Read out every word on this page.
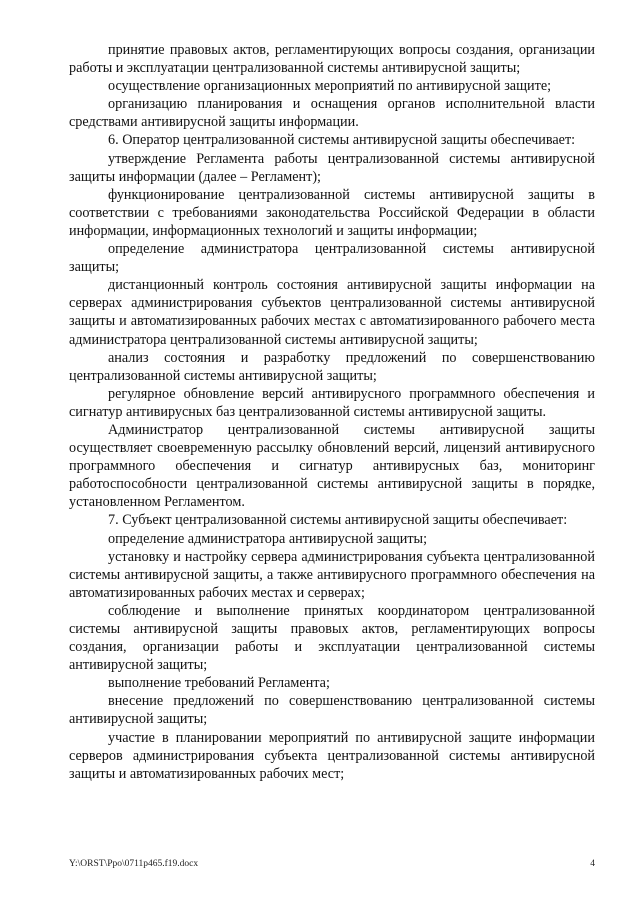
принятие правовых актов, регламентирующих вопросы создания, организации работы и эксплуатации централизованной системы антивирусной защиты;

осуществление организационных мероприятий по антивирусной защите;

организацию планирования и оснащения органов исполнительной власти средствами антивирусной защиты информации.

6. Оператор централизованной системы антивирусной защиты обеспечивает:

утверждение Регламента работы централизованной системы антивирусной защиты информации (далее – Регламент);

функционирование централизованной системы антивирусной защиты в соответствии с требованиями законодательства Российской Федерации в области информации, информационных технологий и защиты информации;

определение администратора централизованной системы антивирусной защиты;

дистанционный контроль состояния антивирусной защиты информации на серверах администрирования субъектов централизованной системы антивирусной защиты и автоматизированных рабочих местах с автоматизированного рабочего места администратора централизованной системы антивирусной защиты;

анализ состояния и разработку предложений по совершенствованию централизованной системы антивирусной защиты;

регулярное обновление версий антивирусного программного обеспечения и сигнатур антивирусных баз централизованной системы антивирусной защиты.

Администратор централизованной системы антивирусной защиты осуществляет своевременную рассылку обновлений версий, лицензий антивирусного программного обеспечения и сигнатур антивирусных баз, мониторинг работоспособности централизованной системы антивирусной защиты в порядке, установленном Регламентом.

7. Субъект централизованной системы антивирусной защиты обеспечивает:

определение администратора антивирусной защиты;

установку и настройку сервера администрирования субъекта централизованной системы антивирусной защиты, а также антивирусного программного обеспечения на автоматизированных рабочих местах и серверах;

соблюдение и выполнение принятых координатором централизованной системы антивирусной защиты правовых актов, регламентирующих вопросы создания, организации работы и эксплуатации централизованной системы антивирусной защиты;

выполнение требований Регламента;

внесение предложений по совершенствованию централизованной системы антивирусной защиты;

участие в планировании мероприятий по антивирусной защите информации серверов администрирования субъекта централизованной системы антивирусной защиты и автоматизированных рабочих мест;

Y:\ORST\Ppo\0711p465.f19.docx	4
